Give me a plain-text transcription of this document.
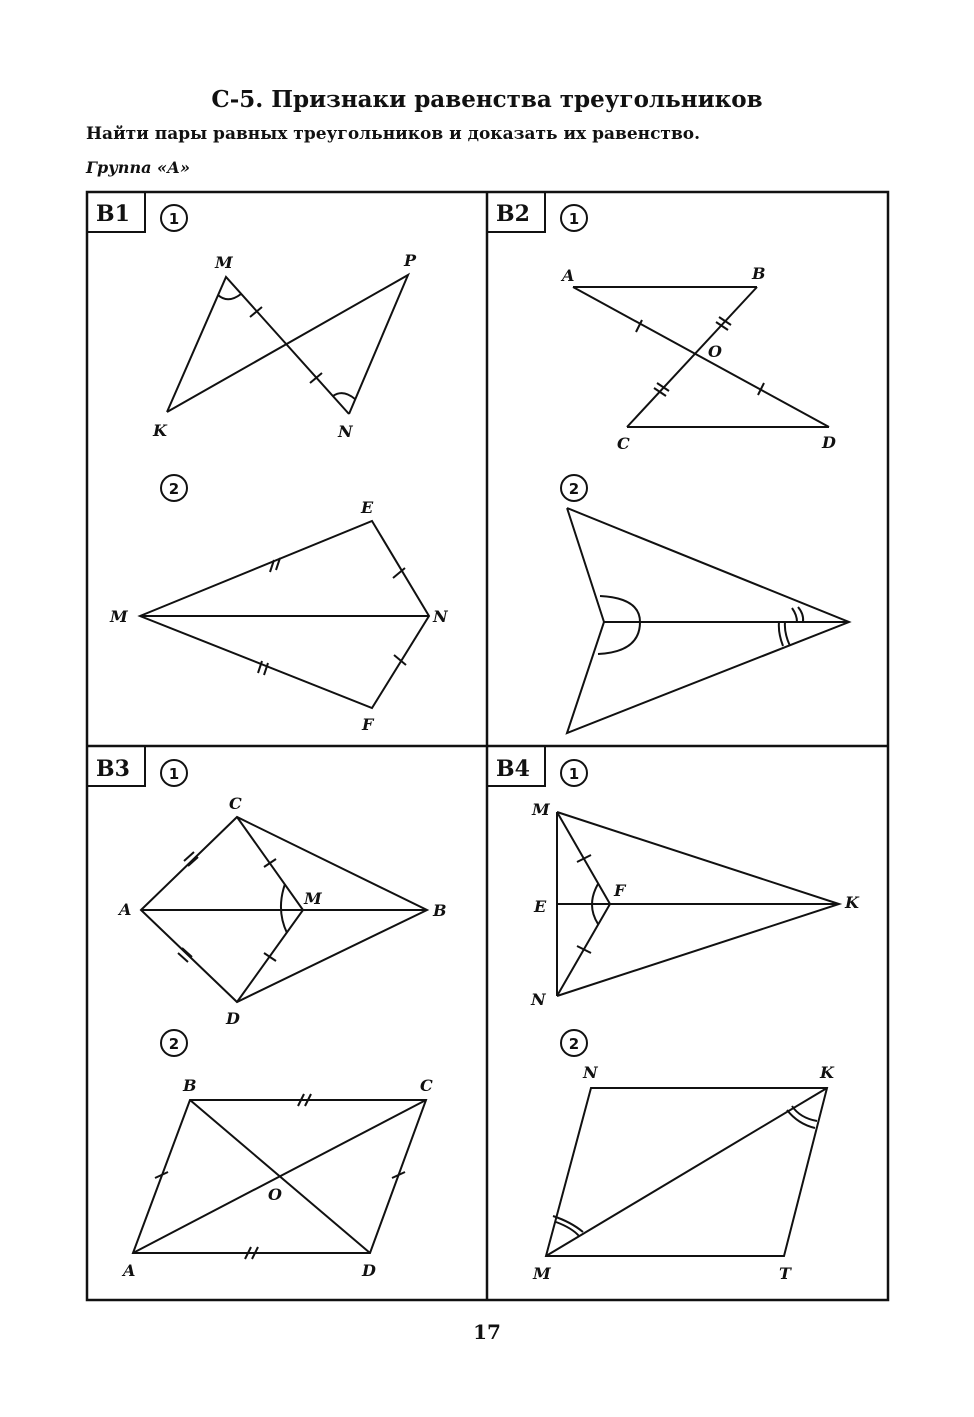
С-5. Признаки равенства треугольников
Найти пары равных треугольников и доказать их равенство.
Группа «А»
B1	B2
B3	B4
1
2
1
2
1
2
1
2
M	P
K	N
E
M	N
F
A	B
O
C	D
C
A
M
B
D
B	C
O
A	D
M
E
F
K
N
N	K
M	T
17
